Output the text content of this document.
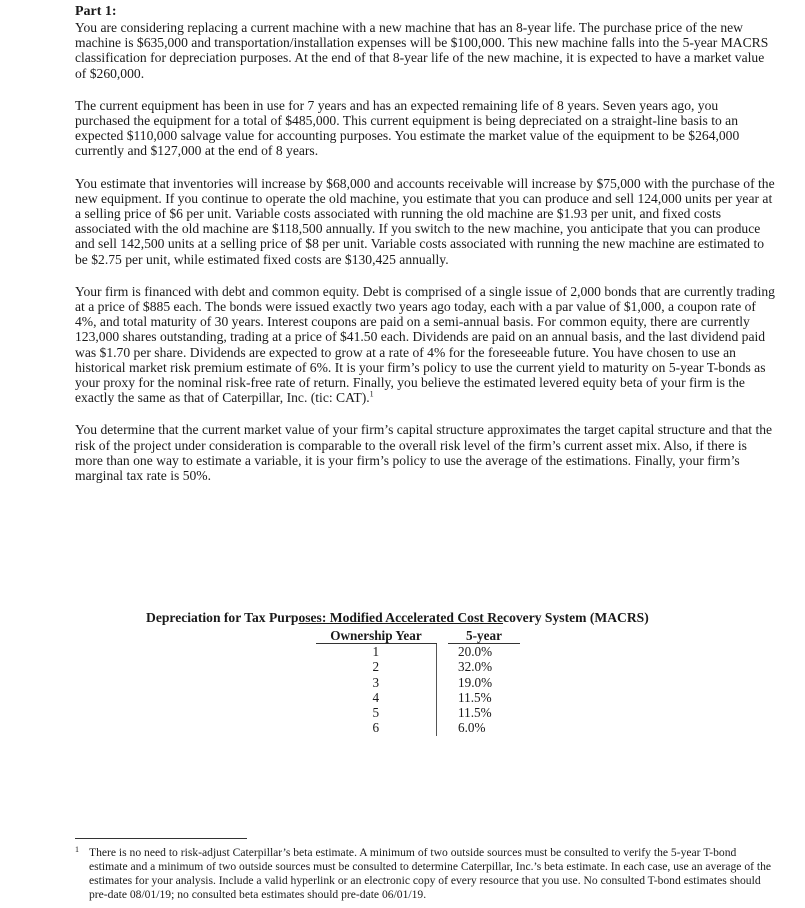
Part 1:

You are considering replacing a current machine with a new machine that has an 8-year life. The purchase price of the new machine is $635,000 and transportation/installation expenses will be $100,000. This new machine falls into the 5-year MACRS classification for depreciation purposes. At the end of that 8-year life of the new machine, it is expected to have a market value of $260,000.

The current equipment has been in use for 7 years and has an expected remaining life of 8 years. Seven years ago, you purchased the equipment for a total of $485,000. This current equipment is being depreciated on a straight-line basis to an expected $110,000 salvage value for accounting purposes. You estimate the market value of the equipment to be $264,000 currently and $127,000 at the end of 8 years.

You estimate that inventories will increase by $68,000 and accounts receivable will increase by $75,000 with the purchase of the new equipment. If you continue to operate the old machine, you estimate that you can produce and sell 124,000 units per year at a selling price of $6 per unit. Variable costs associated with running the old machine are $1.93 per unit, and fixed costs associated with the old machine are $118,500 annually. If you switch to the new machine, you anticipate that you can produce and sell 142,500 units at a selling price of $8 per unit. Variable costs associated with running the new machine are estimated to be $2.75 per unit, while estimated fixed costs are $130,425 annually.

Your firm is financed with debt and common equity. Debt is comprised of a single issue of 2,000 bonds that are currently trading at a price of $885 each. The bonds were issued exactly two years ago today, each with a par value of $1,000, a coupon rate of 4%, and total maturity of 30 years. Interest coupons are paid on a semi-annual basis. For common equity, there are currently 123,000 shares outstanding, trading at a price of $41.50 each. Dividends are paid on an annual basis, and the last dividend paid was $1.70 per share. Dividends are expected to grow at a rate of 4% for the foreseeable future. You have chosen to use an historical market risk premium estimate of 6%. It is your firm’s policy to use the current yield to maturity on 5-year T-bonds as your proxy for the nominal risk-free rate of return. Finally, you believe the estimated levered equity beta of your firm is the exactly the same as that of Caterpillar, Inc. (tic: CAT).$^1$

You determine that the current market value of your firm’s capital structure approximates the target capital structure and that the risk of the project under consideration is comparable to the overall risk level of the firm’s current asset mix. Also, if there is more than one way to estimate a variable, it is your firm’s policy to use the average of the estimations. Finally, your firm’s marginal tax rate is 50%.

Depreciation for Tax Purposes: Modified Accelerated Cost Recovery System (MACRS)
Ownership Year		5-year
1		20.0%
2		32.0%
3		19.0%
4		11.5%
5		11.5%
6		6.0%
1 There is no need to risk-adjust Caterpillar’s beta estimate. A minimum of two outside sources must be consulted to verify the 5-year T-bond estimate and a minimum of two outside sources must be consulted to determine Caterpillar, Inc.’s beta estimate. In each case, use an average of the estimates for your analysis. Include a valid hyperlink or an electronic copy of every resource that you use. No consulted T-bond estimates should pre-date 08/01/19; no consulted beta estimates should pre-date 06/01/19.
